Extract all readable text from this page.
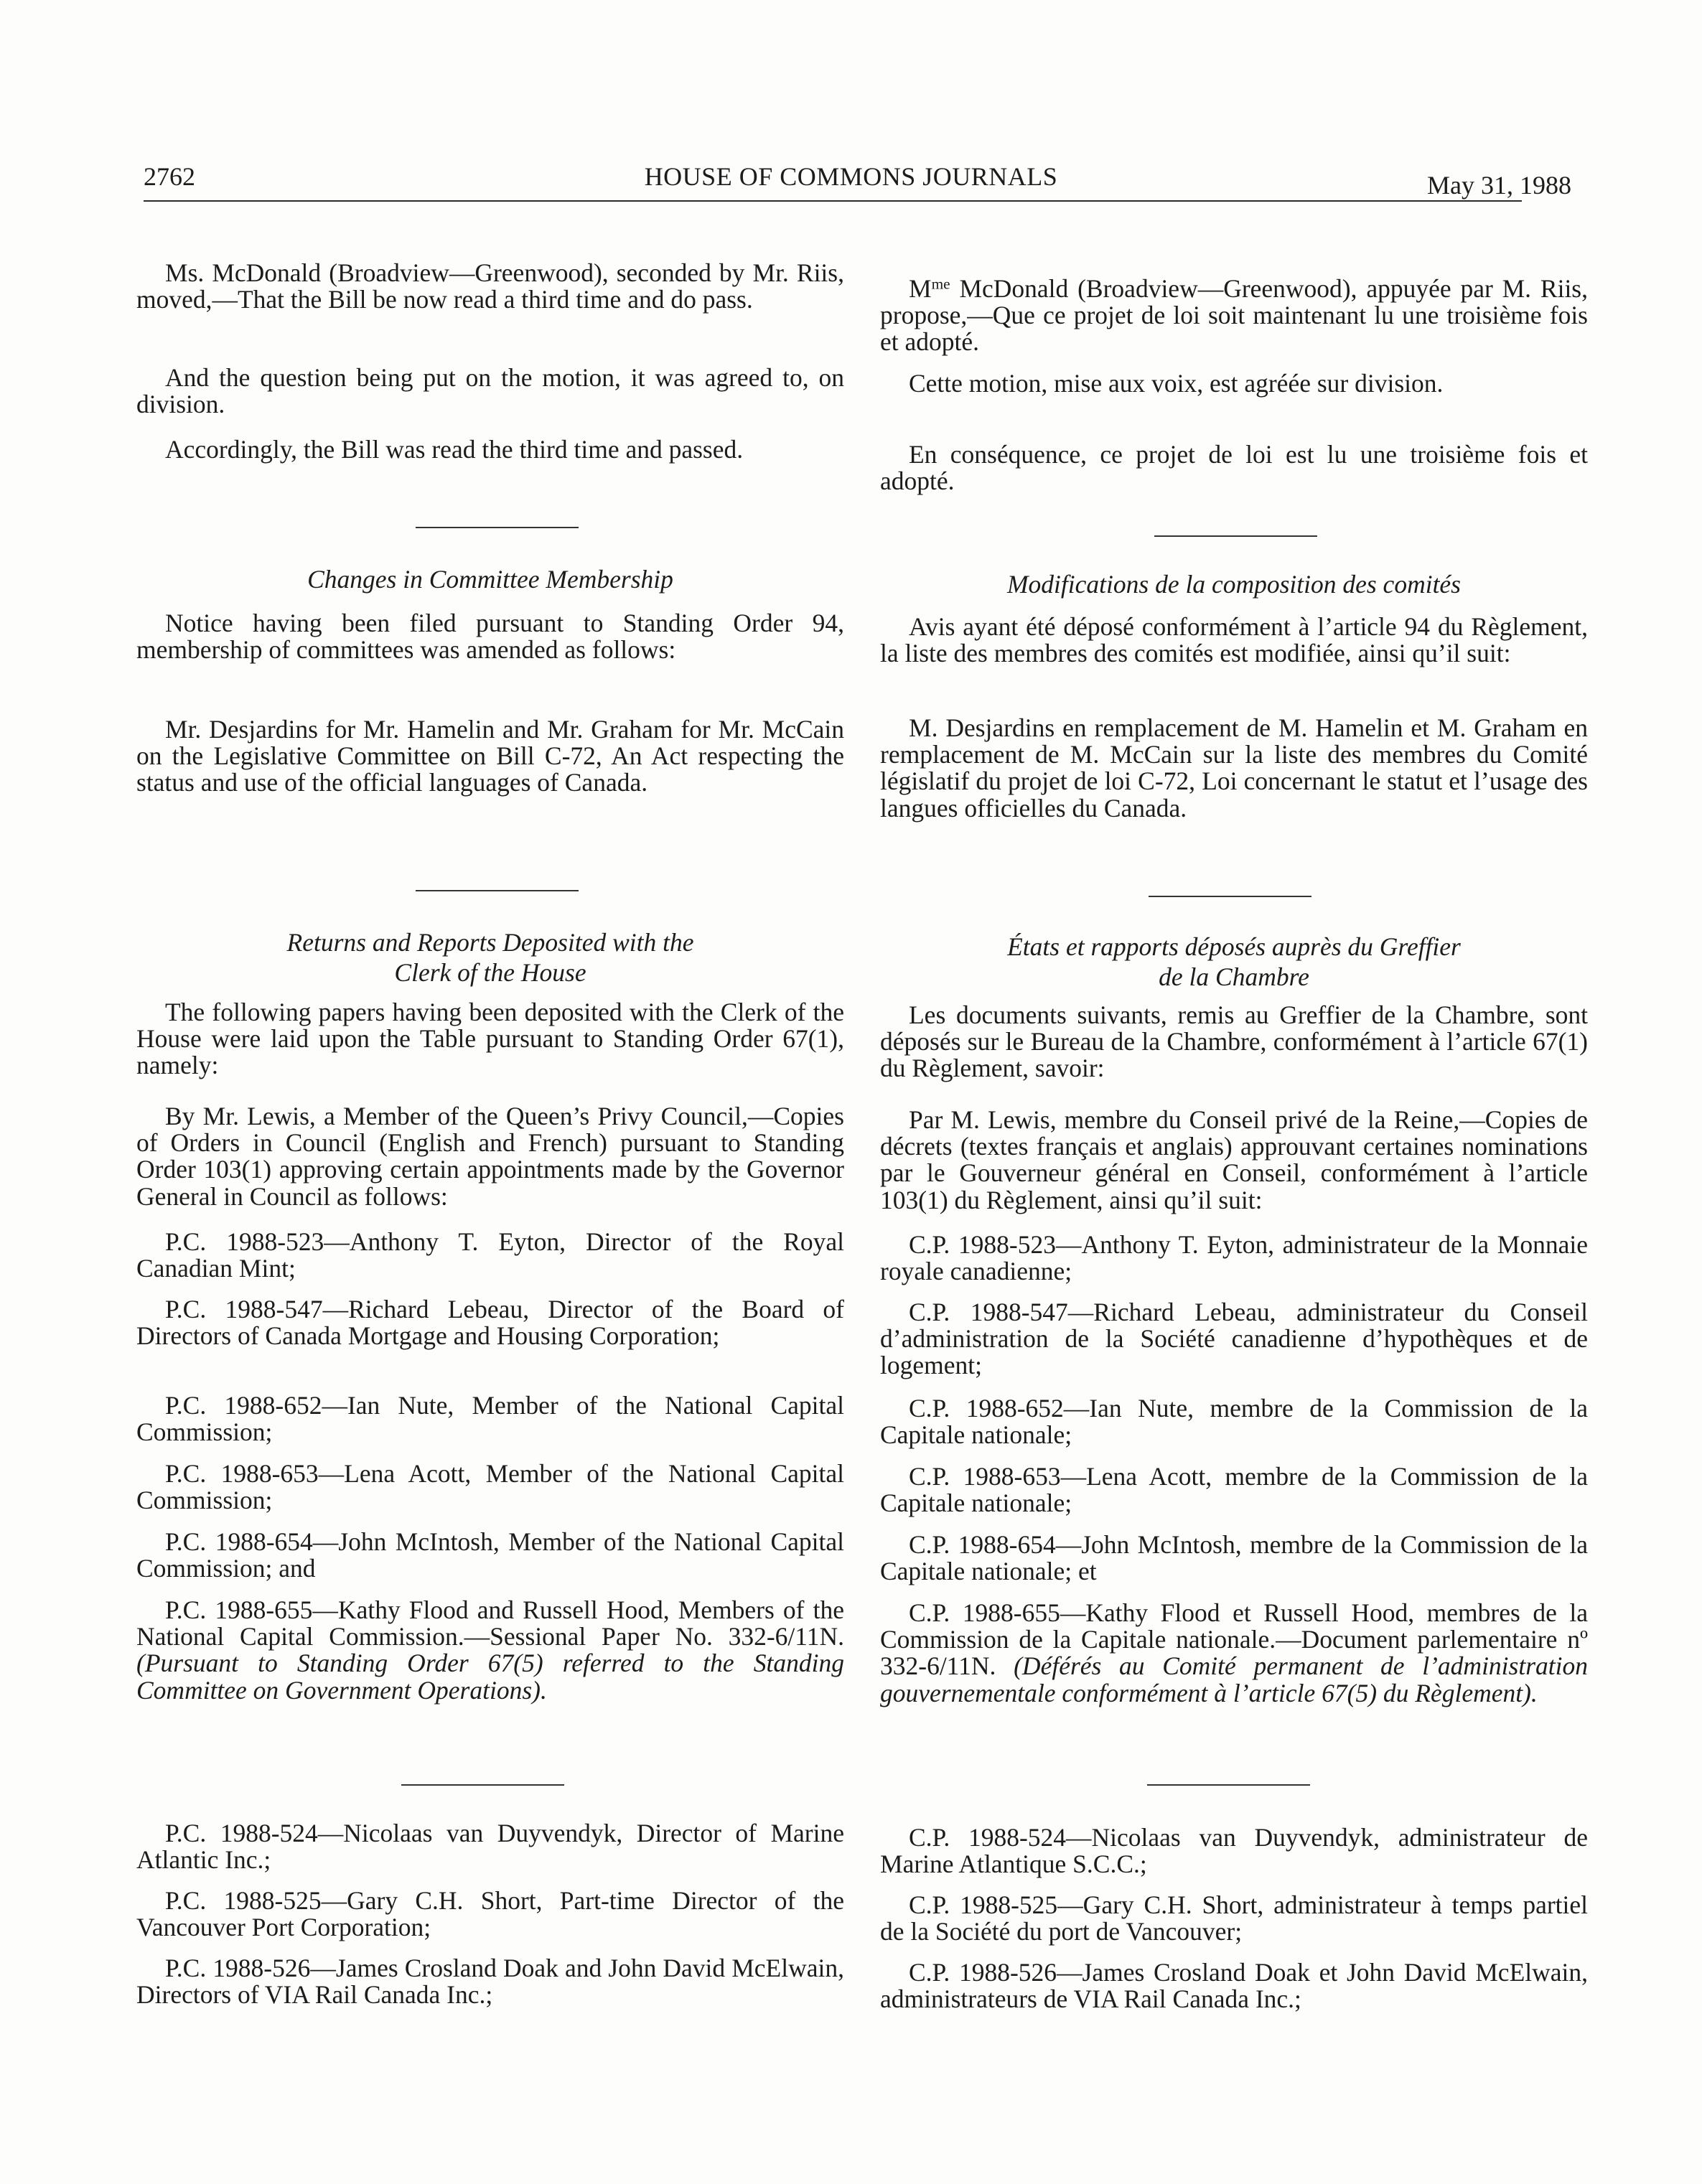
2762	HOUSE OF COMMONS JOURNALS	May 31, 1988

Ms. McDonald (Broadview—Greenwood), seconded by Mr. Riis, moved,—That the Bill be now read a third time and do pass.

And the question being put on the motion, it was agreed to, on division.

Accordingly, the Bill was read the third time and passed.

Changes in Committee Membership

Notice having been filed pursuant to Standing Order 94, membership of committees was amended as follows:

Mr. Desjardins for Mr. Hamelin and Mr. Graham for Mr. McCain on the Legislative Committee on Bill C-72, An Act respecting the status and use of the official languages of Canada.

Returns and Reports Deposited with the
Clerk of the House

The following papers having been deposited with the Clerk of the House were laid upon the Table pursuant to Standing Order 67(1), namely:

By Mr. Lewis, a Member of the Queen’s Privy Council,—Copies of Orders in Council (English and French) pursuant to Standing Order 103(1) approving certain appointments made by the Governor General in Council as follows:

P.C. 1988-523—Anthony T. Eyton, Director of the Royal Canadian Mint;

P.C. 1988-547—Richard Lebeau, Director of the Board of Directors of Canada Mortgage and Housing Corporation;

P.C. 1988-652—Ian Nute, Member of the National Capital Commission;

P.C. 1988-653—Lena Acott, Member of the National Capital Commission;

P.C. 1988-654—John McIntosh, Member of the National Capital Commission; and

P.C. 1988-655—Kathy Flood and Russell Hood, Members of the National Capital Commission.—Sessional Paper No. 332-6/11N. (Pursuant to Standing Order 67(5) referred to the Standing Committee on Government Operations).

P.C. 1988-524—Nicolaas van Duyvendyk, Director of Marine Atlantic Inc.;

P.C. 1988-525—Gary C.H. Short, Part-time Director of the Vancouver Port Corporation;

P.C. 1988-526—James Crosland Doak and John David McElwain, Directors of VIA Rail Canada Inc.;

$M^{me}$ McDonald (Broadview—Greenwood), appuyée par M. Riis, propose,—Que ce projet de loi soit maintenant lu une troisième fois et adopté.

Cette motion, mise aux voix, est agréée sur division.

En conséquence, ce projet de loi est lu une troisième fois et adopté.

Modifications de la composition des comités

Avis ayant été déposé conformément à l’article 94 du Règlement, la liste des membres des comités est modifiée, ainsi qu’il suit:

M. Desjardins en remplacement de M. Hamelin et M. Graham en remplacement de M. McCain sur la liste des membres du Comité législatif du projet de loi C-72, Loi concernant le statut et l’usage des langues officielles du Canada.

États et rapports déposés auprès du Greffier
de la Chambre

Les documents suivants, remis au Greffier de la Chambre, sont déposés sur le Bureau de la Chambre, conformément à l’article 67(1) du Règlement, savoir:

Par M. Lewis, membre du Conseil privé de la Reine,—Copies de décrets (textes français et anglais) approuvant certaines nominations par le Gouverneur général en Conseil, conformément à l’article 103(1) du Règlement, ainsi qu’il suit:

C.P. 1988-523—Anthony T. Eyton, administrateur de la Monnaie royale canadienne;

C.P. 1988-547—Richard Lebeau, administrateur du Conseil d’administration de la Société canadienne d’hypothèques et de logement;

C.P. 1988-652—Ian Nute, membre de la Commission de la Capitale nationale;

C.P. 1988-653—Lena Acott, membre de la Commission de la Capitale nationale;

C.P. 1988-654—John McIntosh, membre de la Commission de la Capitale nationale; et

C.P. 1988-655—Kathy Flood et Russell Hood, membres de la Commission de la Capitale nationale.—Document parlementaire nº 332-6/11N. (Déférés au Comité permanent de l’administration gouvernementale conformément à l’article 67(5) du Règlement).

C.P. 1988-524—Nicolaas van Duyvendyk, administrateur de Marine Atlantique S.C.C.;

C.P. 1988-525—Gary C.H. Short, administrateur à temps partiel de la Société du port de Vancouver;

C.P. 1988-526—James Crosland Doak et John David McElwain, administrateurs de VIA Rail Canada Inc.;
